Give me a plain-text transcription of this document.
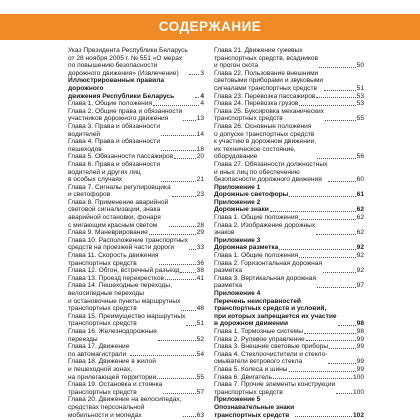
СОДЕРЖАНИЕ
Указ Президента Республики Беларусь
от 28 ноября 2005 г. № 551 «О мерах
по повышению безопасности
дорожного движения» (Извлечение)	3
Иллюстрированные правила дорожного
движения Республики Беларусь	4
Глава 1. Общие положения	4
Глава 2. Общие права и обязанности
участников дорожного движения	13
Глава 3. Права и обязанности
водителей	14
Глава 4. Права и обязанности
пешеходов	18
Глава 5. Обязанности пассажиров	20
Глава 6. Права и обязанности
водителей и других лиц
в особых случаях	21
Глава 7. Сигналы регулировщика
и светофоров	23
Глава 8. Применение аварийной
световой сигнализации, знака
аварийной остановки, фонаря
с мигающим красным светом	28
Глава 9. Маневрирование	29
Глава 10. Расположение транспортных
средств на проезжей части дороги	33
Глава 11. Скорость движения
транспортных средств	36
Глава 12. Обгон, встречный разъезд	38
Глава 13. Проезд перекрестков	41
Глава 14. Пешеходные переходы,
велосипедные переходы
и остановочные пункты маршрутных
транспортных средств	48
Глава 15. Преимущество маршрутных
транспортных средств	51
Глава 16. Железнодорожные
переезды	52
Глава 17. Движение
по автомагистрали	54
Глава 18. Движение в жилой
и пешеходной зонах,
на прилегающей территории	55
Глава 19. Остановка и стоянка
транспортных средств	57
Глава 20. Движение на велосипедах,
средствах персональной
мобильности и мопедах	63
Глава 21. Движение гужевых
транспортных средств, всадников
и прогон скота	50
Глава 22. Пользование внешними
световыми приборами и звуковыми
сигналами транспортных средств	51
Глава 23. Перевозка пассажиров	53
Глава 24. Перевозка грузов	53
Глава 25. Буксировка механических
транспортных средств	55
Глава 26. Основные положения
о допуске транспортных средств
к участию в дорожном движении,
их техническое состояние,
оборудование	56
Глава 27. Обязанности должностных
и иных лиц по обеспечению
безопасности дорожного движения	60
Приложение 1
Дорожные светофоры	61
Приложение 2
Дорожные знаки	62
Глава 1. Общие положения	62
Глава 2. Изображение дорожных
знаков	62
Приложение 3
Дорожная разметка	92
Глава 1. Общие положения	92
Глава 2. Горизонтальная дорожная
разметка	92
Глава 3. Вертикальная дорожная
разметка	97
Приложение 4
Перечень неисправностей
транспортных средств и условий,
при которых запрещается их участие
в дорожном движении	98
Глава 1. Тормозные системы	98
Глава 2. Рулевое управление	99
Глава 3. Внешние световые приборы	99
Глава 4. Стеклоочистители и стекло-
омыватели ветрового стекла	99
Глава 5. Колеса и шины	99
Глава 6. Двигатель	100
Глава 7. Прочие элементы конструкции
транспортных средств	100
Приложение 5
Опознавательные знаки
транспортных средств	102
